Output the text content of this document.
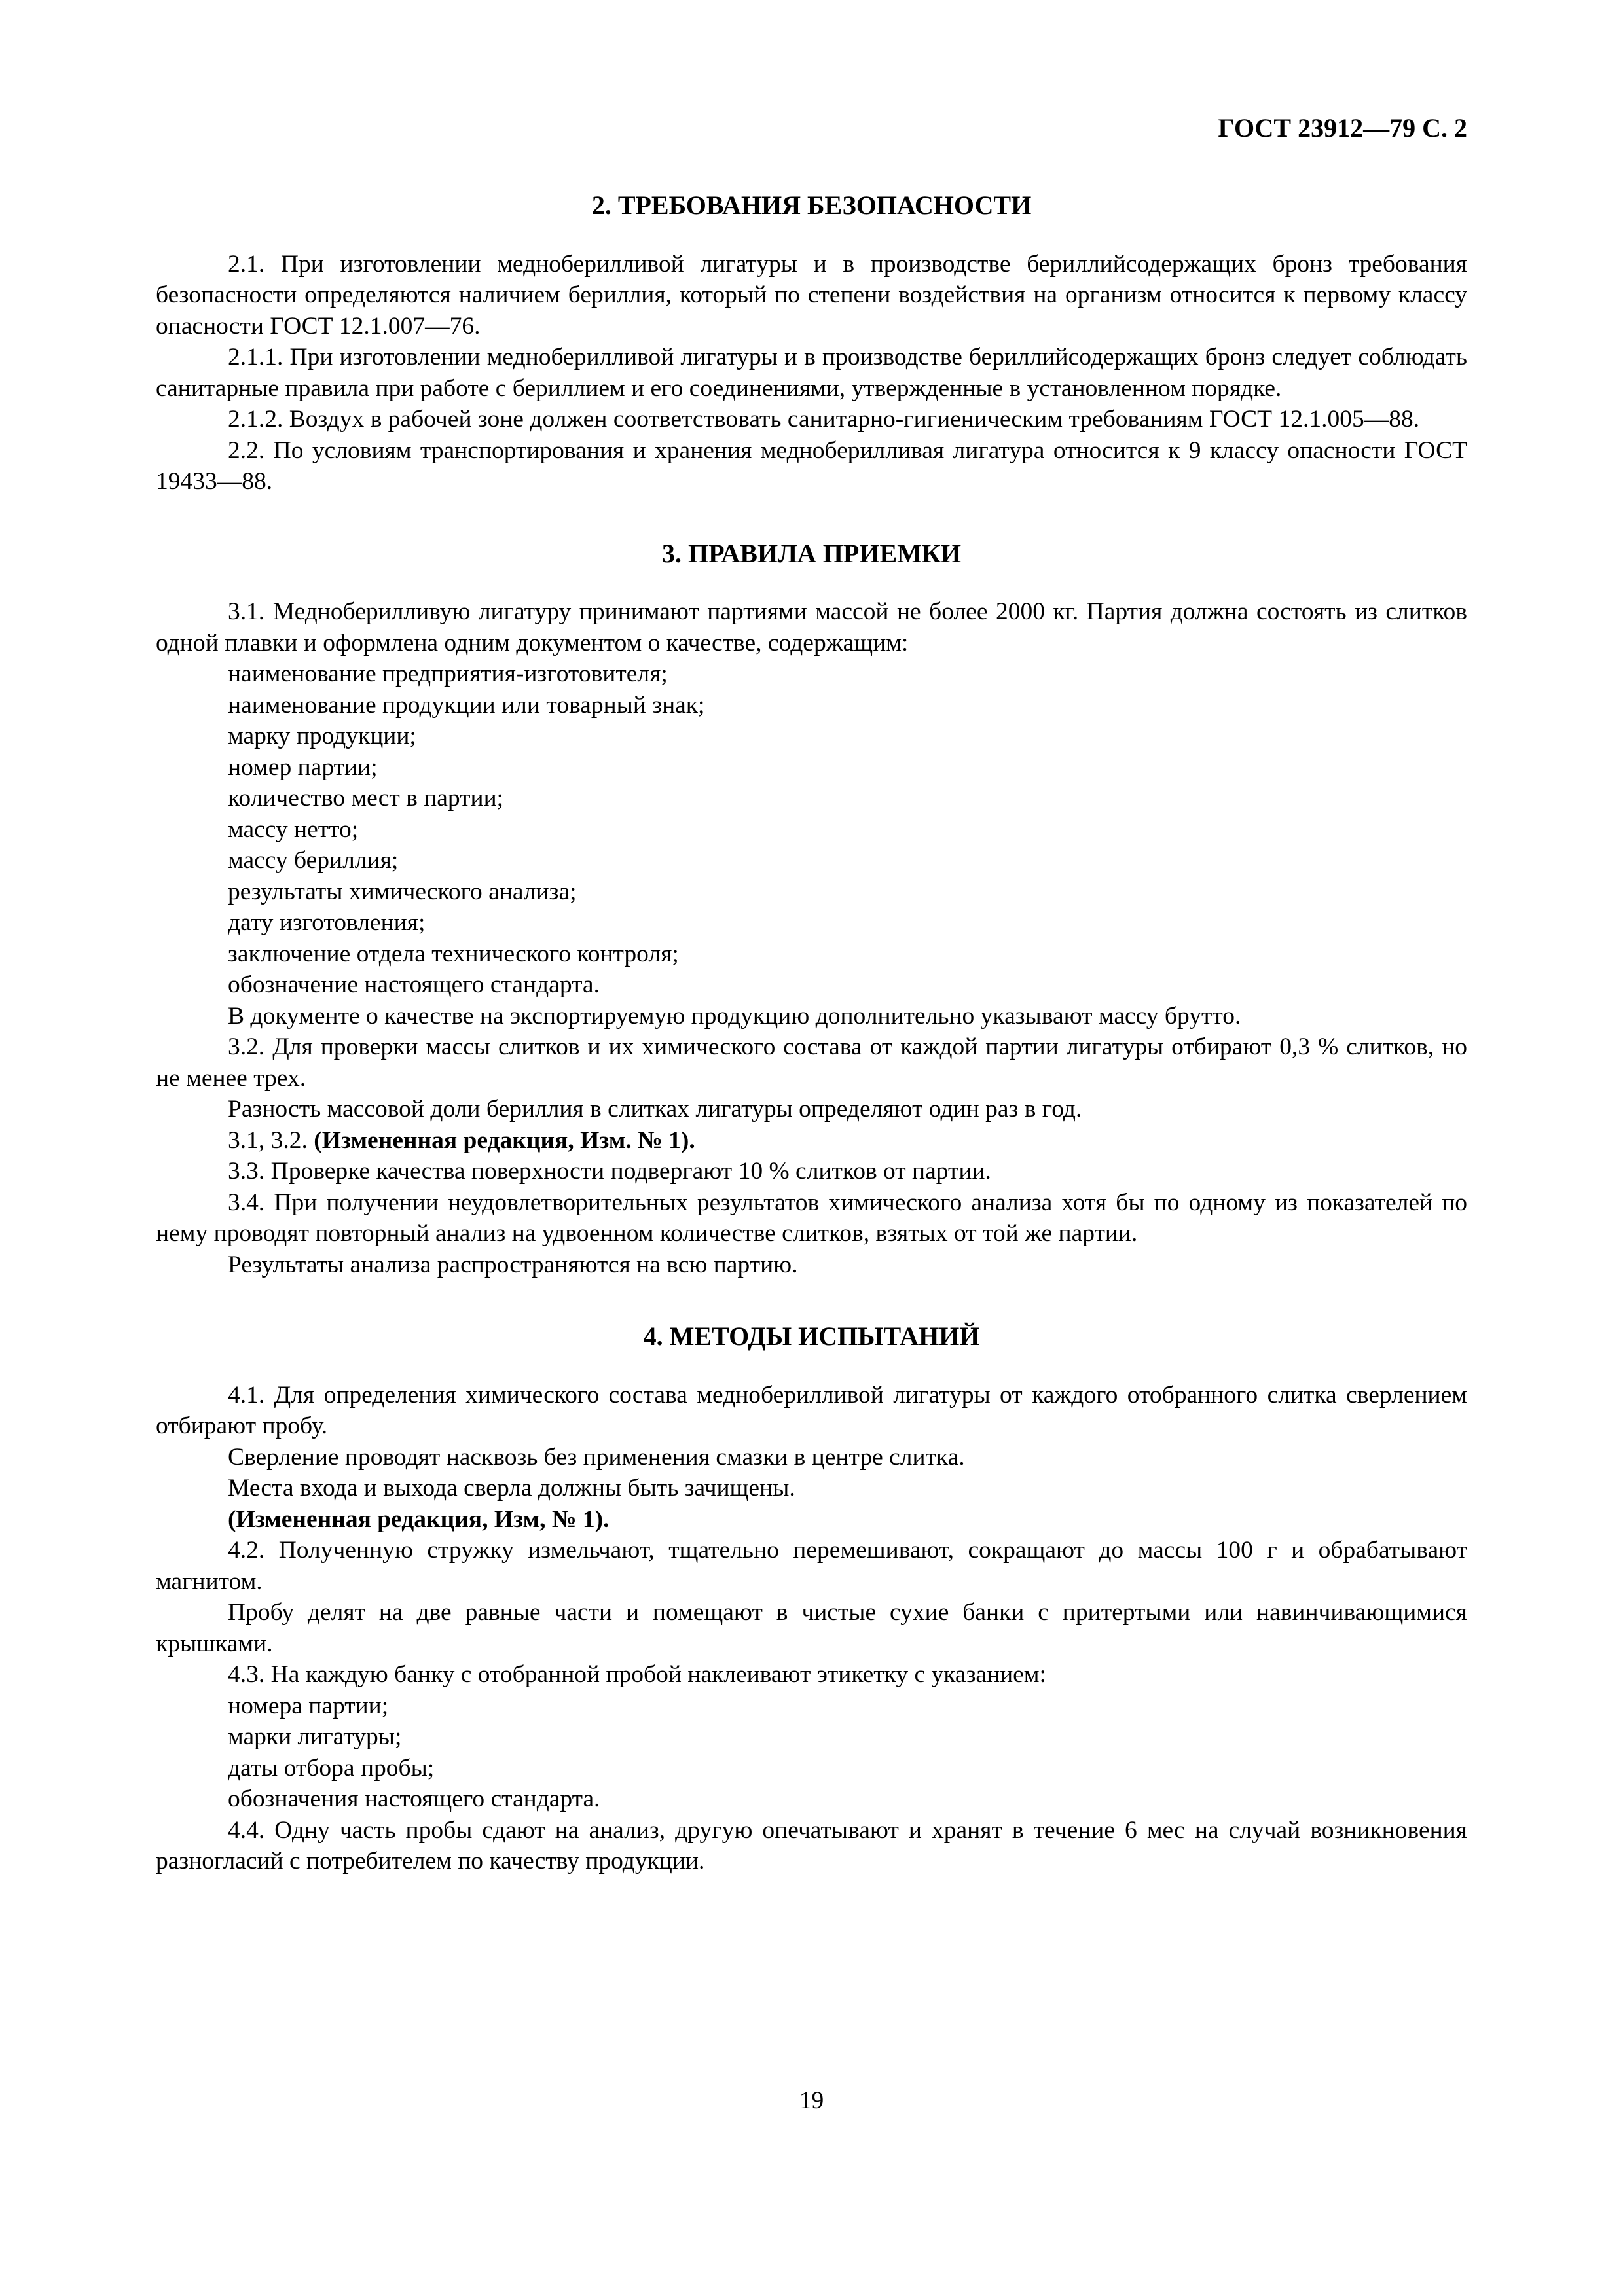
ГОСТ 23912—79 С. 2
2. ТРЕБОВАНИЯ БЕЗОПАСНОСТИ

2.1. При изготовлении медноберилливой лигатуры и в производстве бериллийсодержащих бронз требования безопасности определяются наличием бериллия, который по степени воздействия на организм относится к первому классу опасности ГОСТ 12.1.007—76.

2.1.1. При изготовлении медноберилливой лигатуры и в производстве бериллийсодержащих бронз следует соблюдать санитарные правила при работе с бериллием и его соединениями, утвержденные в установленном порядке.

2.1.2. Воздух в рабочей зоне должен соответствовать санитарно-гигиеническим требованиям ГОСТ 12.1.005—88.

2.2. По условиям транспортирования и хранения медноберилливая лигатура относится к 9 классу опасности ГОСТ 19433—88.

3. ПРАВИЛА ПРИЕМКИ

3.1. Медноберилливую лигатуру принимают партиями массой не более 2000 кг. Партия должна состоять из слитков одной плавки и оформлена одним документом о качестве, содержащим:

наименование предприятия-изготовителя;
наименование продукции или товарный знак;
марку продукции;
номер партии;
количество мест в партии;
массу нетто;
массу бериллия;
результаты химического анализа;
дату изготовления;
заключение отдела технического контроля;
обозначение настоящего стандарта.

В документе о качестве на экспортируемую продукцию дополнительно указывают массу брутто.

3.2. Для проверки массы слитков и их химического состава от каждой партии лигатуры отбирают 0,3 % слитков, но не менее трех.

Разность массовой доли бериллия в слитках лигатуры определяют один раз в год.

3.1, 3.2. (Измененная редакция, Изм. № 1).

3.3. Проверке качества поверхности подвергают 10 % слитков от партии.

3.4. При получении неудовлетворительных результатов химического анализа хотя бы по одному из показателей по нему проводят повторный анализ на удвоенном количестве слитков, взятых от той же партии.

Результаты анализа распространяются на всю партию.

4. МЕТОДЫ ИСПЫТАНИЙ

4.1. Для определения химического состава медноберилливой лигатуры от каждого отобранного слитка сверлением отбирают пробу.

Сверление проводят насквозь без применения смазки в центре слитка.

Места входа и выхода сверла должны быть зачищены.

(Измененная редакция, Изм, № 1).

4.2. Полученную стружку измельчают, тщательно перемешивают, сокращают до массы 100 г и обрабатывают магнитом.

Пробу делят на две равные части и помещают в чистые сухие банки с притертыми или навинчивающимися крышками.

4.3. На каждую банку с отобранной пробой наклеивают этикетку с указанием:

номера партии;
марки лигатуры;
даты отбора пробы;
обозначения настоящего стандарта.

4.4. Одну часть пробы сдают на анализ, другую опечатывают и хранят в течение 6 мес на случай возникновения разногласий с потребителем по качеству продукции.

19
